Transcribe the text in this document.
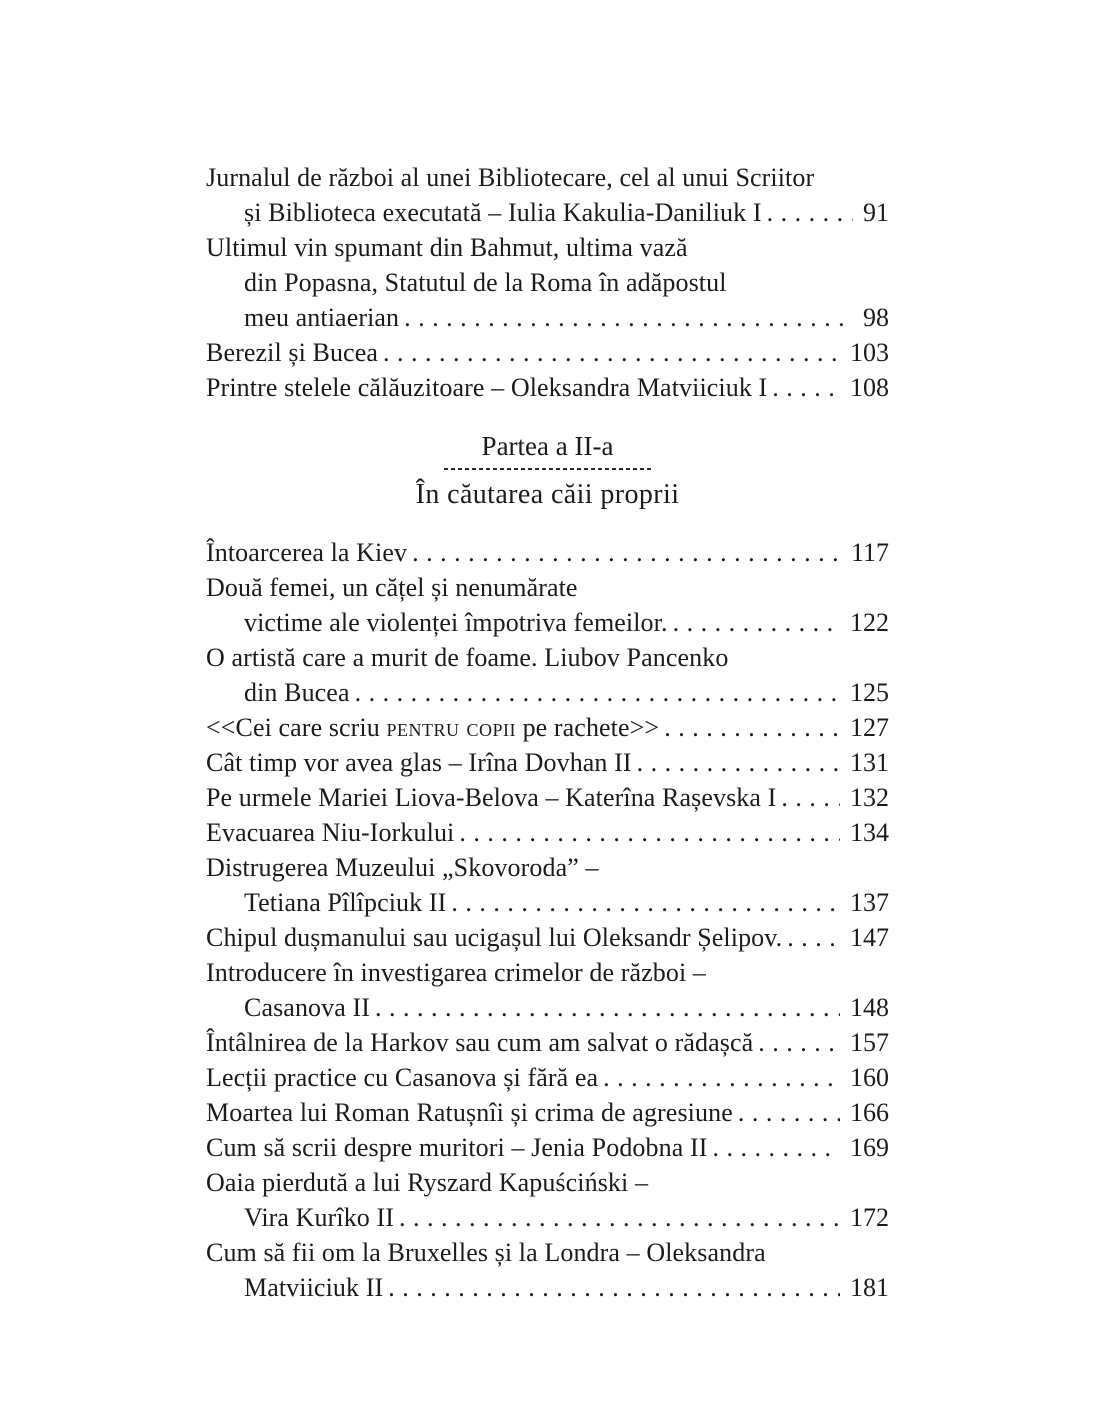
Jurnalul de război al unei Bibliotecare, cel al unui Scriitor
și Biblioteca executată – Iulia Kakulia-Daniliuk I .....	91
Ultimul vin spumant din Bahmut, ultima vază
din Popasna, Statutul de la Roma în adăpostul
meu antiaerian .....	98
Berezil și Bucea .....	103
Printre stelele călăuzitoare – Oleksandra Matviiciuk I .....	108
Partea a II-a
În căutarea căii proprii
Întoarcerea la Kiev .....	117
Două femei, un cățel și nenumărate
victime ale violenței împotriva femeilor. .....	122
O artistă care a murit de foame. Liubov Pancenko
din Bucea .....	125
<<Cei care scriu pentru copii pe rachete>> .....	127
Cât timp vor avea glas – Irîna Dovhan II .....	131
Pe urmele Mariei Liova-Belova – Katerîna Rașevska I .....	132
Evacuarea Niu-Iorkului .....	134
Distrugerea Muzeului „Skovoroda” –
Tetiana Pîlîpciuk II .....	137
Chipul dușmanului sau ucigașul lui Oleksandr Șelipov. .....	147
Introducere în investigarea crimelor de război –
Casanova II .....	148
Întâlnirea de la Harkov sau cum am salvat o rădașcă .....	157
Lecții practice cu Casanova și fără ea .....	160
Moartea lui Roman Ratușnîi și crima de agresiune .....	166
Cum să scrii despre muritori – Jenia Podobna II .....	169
Oaia pierdută a lui Ryszard Kapuściński –
Vira Kurîko II .....	172
Cum să fii om la Bruxelles și la Londra – Oleksandra
Matviiciuk II .....	181
